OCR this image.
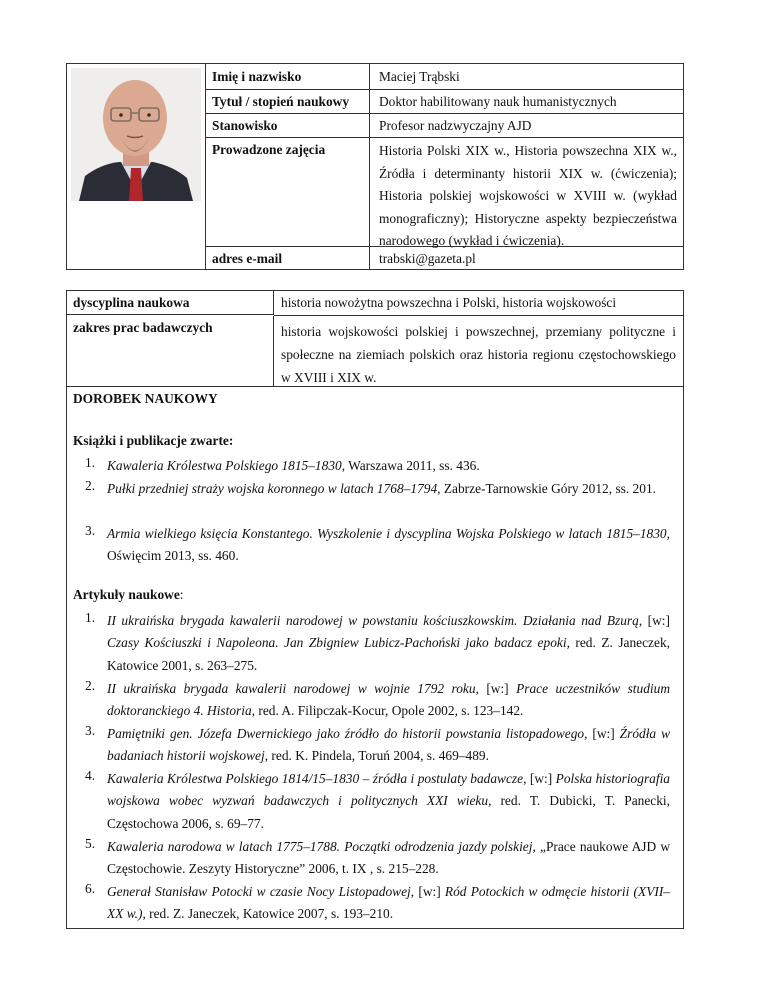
Imię i nazwisko	Maciej Trąbski
Tytuł / stopień naukowy	Doktor habilitowany nauk humanistycznych
Stanowisko	Profesor nadzwyczajny AJD
Prowadzone zajęcia	Historia Polski XIX w., Historia powszechna XIX w., Źródła i determinanty historii XIX w. (ćwiczenia); Historia polskiej wojskowości w XVIII w. (wykład monograficzny); Historyczne aspekty bezpieczeństwa narodowego (wykład i ćwiczenia).
adres e-mail	trabski@gazeta.pl
dyscyplina naukowa	historia nowożytna powszechna i Polski, historia wojskowości
zakres prac badawczych	historia wojskowości polskiej i powszechnej, przemiany polityczne i społeczne na ziemiach polskich oraz historia regionu częstochowskiego w XVIII i XIX w.
DOROBEK NAUKOWY
Książki i publikacje zwarte:
1. Kawaleria Królestwa Polskiego 1815–1830, Warszawa 2011, ss. 436.
2. Pułki przedniej straży wojska koronnego w latach 1768–1794, Zabrze-Tarnowskie Góry 2012, ss. 201.
3. Armia wielkiego księcia Konstantego. Wyszkolenie i dyscyplina Wojska Polskiego w latach 1815–1830, Oświęcim 2013, ss. 460.
Artykuły naukowe:
1. II ukraińska brygada kawalerii narodowej w powstaniu kościuszkowskim. Działania nad Bzurą, [w:] Czasy Kościuszki i Napoleona. Jan Zbigniew Lubicz-Pachoński jako badacz epoki, red. Z. Janeczek, Katowice 2001, s. 263–275.
2. II ukraińska brygada kawalerii narodowej w wojnie 1792 roku, [w:] Prace uczestników studium doktoranckiego 4. Historia, red. A. Filipczak-Kocur, Opole 2002, s. 123–142.
3. Pamiętniki gen. Józefa Dwernickiego jako źródło do historii powstania listopadowego, [w:] Źródła w badaniach historii wojskowej, red. K. Pindela, Toruń 2004, s. 469–489.
4. Kawaleria Królestwa Polskiego 1814/15–1830 – źródła i postulaty badawcze, [w:] Polska historiografia wojskowa wobec wyzwań badawczych i politycznych XXI wieku, red. T. Dubicki, T. Panecki, Częstochowa 2006, s. 69–77.
5. Kawaleria narodowa w latach 1775–1788. Początki odrodzenia jazdy polskiej, „Prace naukowe AJD w Częstochowie. Zeszyty Historyczne” 2006, t. IX , s. 215–228.
6. Generał Stanisław Potocki w czasie Nocy Listopadowej, [w:] Ród Potockich w odmęcie historii (XVII–XX w.), red. Z. Janeczek, Katowice 2007, s. 193–210.
